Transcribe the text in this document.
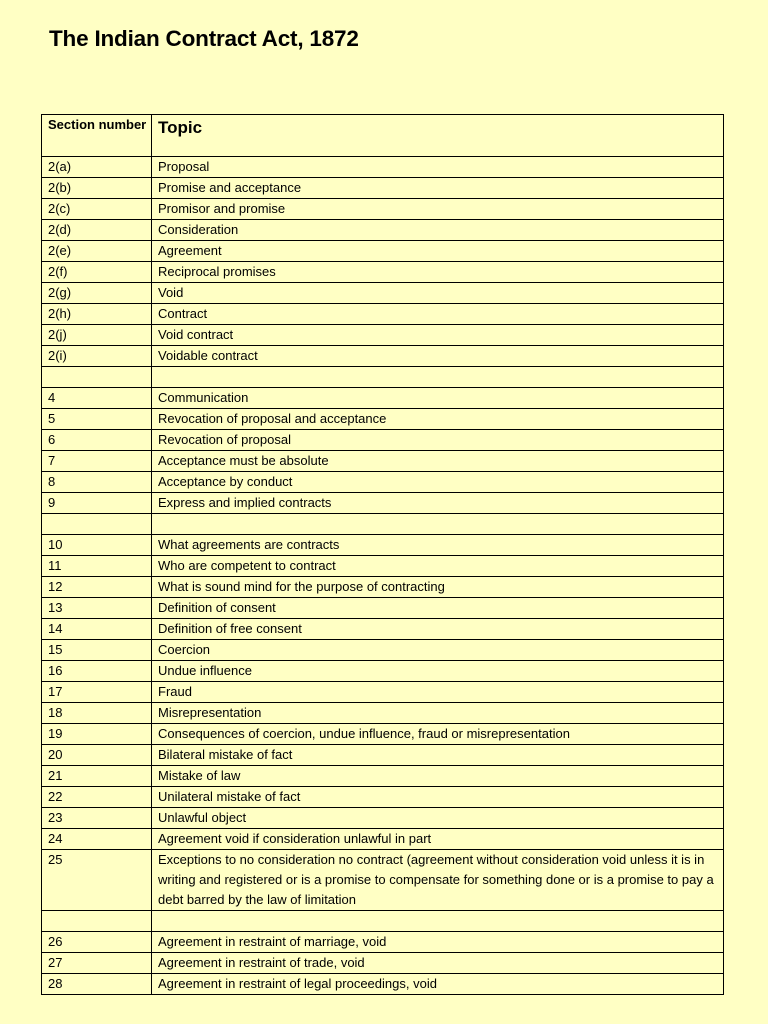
The Indian Contract Act, 1872
Section number	Topic
2(a)	Proposal
2(b)	Promise and acceptance
2(c)	Promisor and promise
2(d)	Consideration
2(e)	Agreement
2(f)	Reciprocal promises
2(g)	Void
2(h)	Contract
2(j)	Void contract
2(i)	Voidable contract

4	Communication
5	Revocation of proposal and acceptance
6	Revocation of proposal
7	Acceptance must be absolute
8	Acceptance by conduct
9	Express and implied contracts

10	What agreements are contracts
11	Who are competent to contract
12	What is sound mind for the purpose of contracting
13	Definition of consent
14	Definition of free consent
15	Coercion
16	Undue influence
17	Fraud
18	Misrepresentation
19	Consequences of coercion, undue influence, fraud or misrepresentation
20	Bilateral mistake of fact
21	Mistake of law
22	Unilateral mistake of fact
23	Unlawful object
24	Agreement void if consideration unlawful in part
25	Exceptions to no consideration no contract (agreement without consideration void unless it is in writing and registered or is a promise to compensate for something done or is a promise to pay a debt barred by the law of limitation

26	Agreement in restraint of marriage, void
27	Agreement in restraint of trade, void
28	Agreement in restraint of legal proceedings, void
